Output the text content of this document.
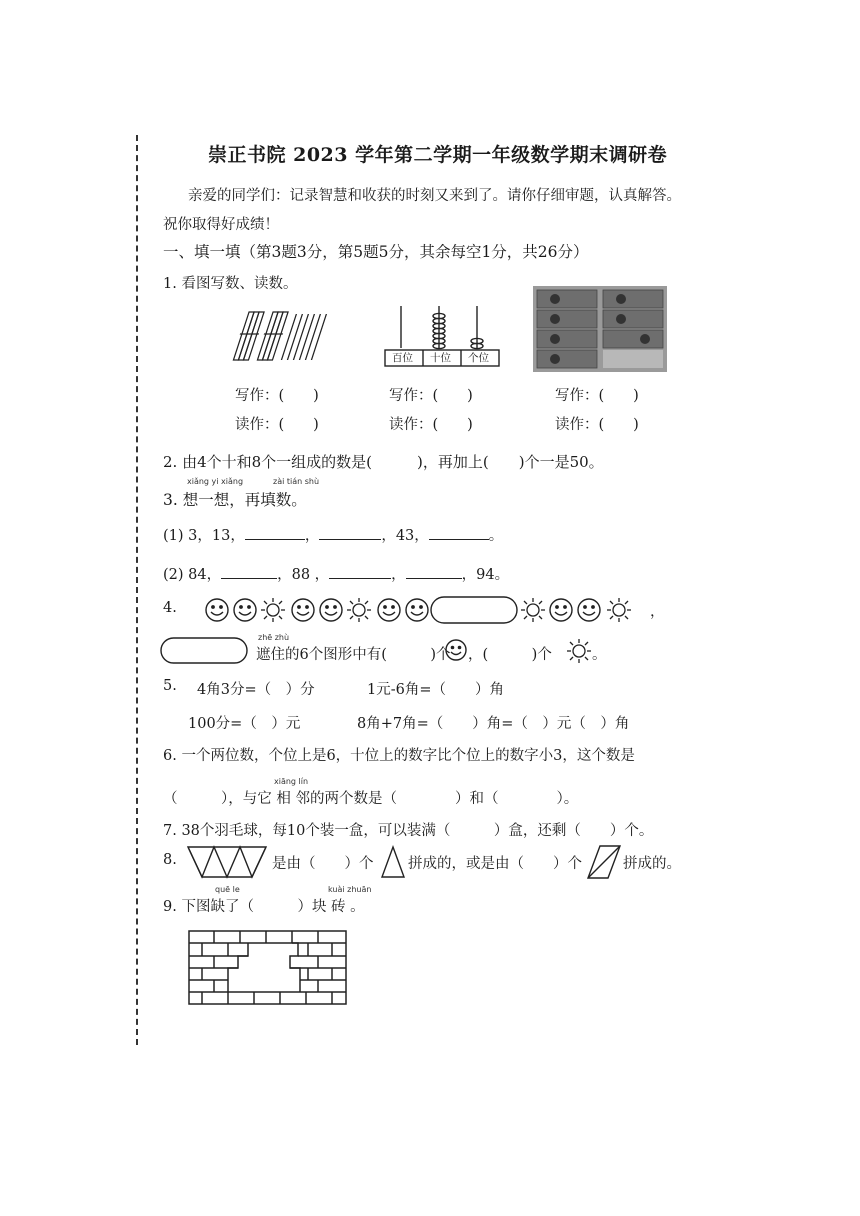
崇正书院 2023 学年第二学期一年级数学期末调研卷
亲爱的同学们：记录智慧和收获的时刻又来到了。请你仔细审题，认真解答。
祝你取得好成绩！
一、填一填（第3题3分，第5题5分，其余每空1分，共26分）
1. 看图写数、读数。
百位 十位 个位
写作：(　　)	写作：(　　)	写作：(　　)
读作：(　　)	读作：(　　)	读作：(　　)
2. 由4个十和8个一组成的数是(　　　)，再加上(　　)个一是50。
xiǎng yi xiǎng	zài tián shù
3. 想一想，再填数。
(1) 3，13，	，	，43，	。
(2) 84，	，88 ，	，	，94。
4.	，
zhē zhù
遮住的6个图形中有(　　　)个 ，(　　　)个	。
5. 4角3分=（　）分	1元-6角=（　　）角
100分=（　）元	8角+7角=（　　）角=（　）元（　）角
6. 一个两位数，个位上是6，十位上的数字比个位上的数字小3，这个数是
xiāng lín
（　　　），与它 相 邻的两个数是（　　　　）和（　　　　）。
7. 38个羽毛球，每10个装一盒，可以装满（　　　）盒，还剩（　　）个。
8.	是由（　　）个 拼成的，或是由（　　）个	拼成的。
quē le	kuài zhuān
9. 下图缺了（　　　）块 砖 。
